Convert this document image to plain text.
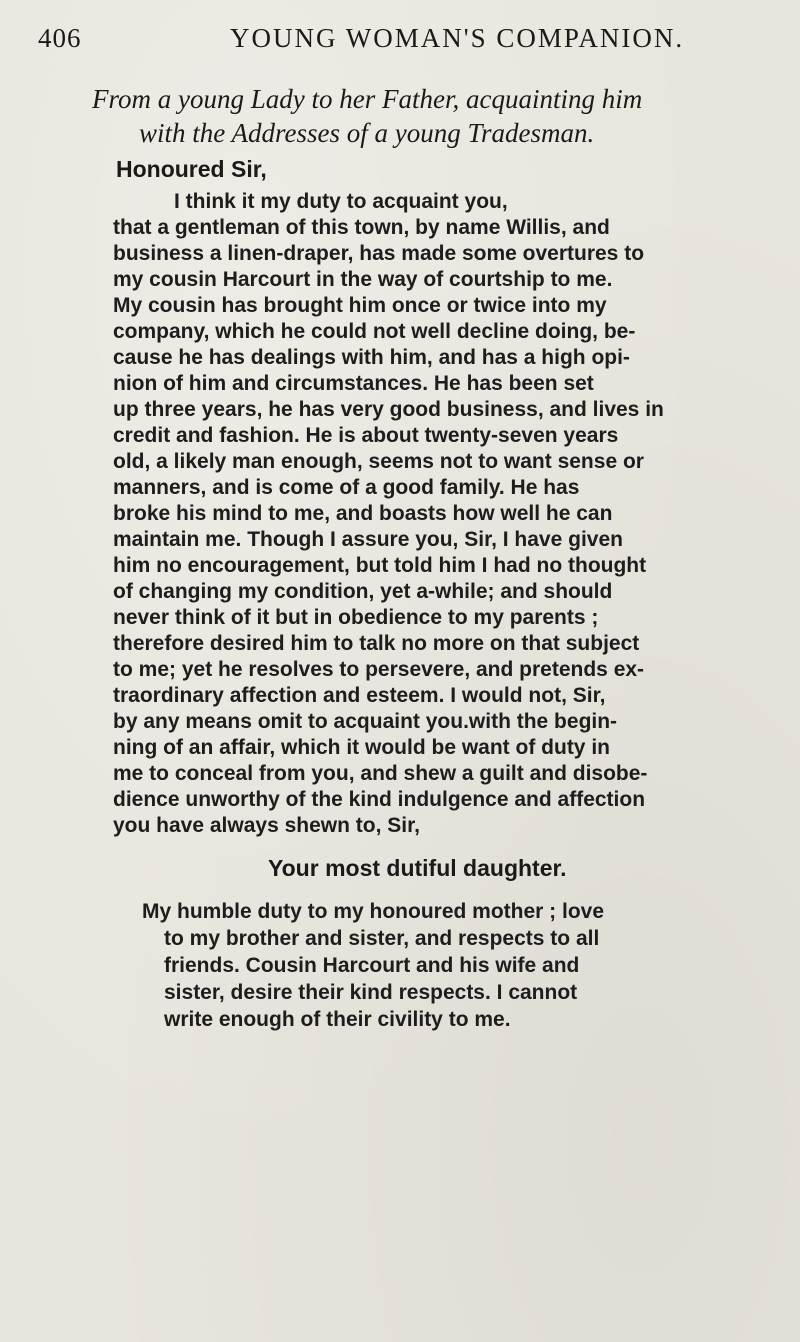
406	YOUNG WOMAN'S COMPANION.
From a young Lady to her Father, acquainting him
with the Addresses of a young Tradesman.
Honoured Sir,
I think it my duty to acquaint you,
that a gentleman of this town, by name Willis, and
business a linen-draper, has made some overtures to
my cousin Harcourt in the way of courtship to me.
My cousin has brought him once or twice into my
company, which he could not well decline doing, be-
cause he has dealings with him, and has a high opi-
nion of him and circumstances. He has been set
up three years, he has very good business, and lives in
credit and fashion. He is about twenty-seven years
old, a likely man enough, seems not to want sense or
manners, and is come of a good family. He has
broke his mind to me, and boasts how well he can
maintain me. Though I assure you, Sir, I have given
him no encouragement, but told him I had no thought
of changing my condition, yet a-while; and should
never think of it but in obedience to my parents ;
therefore desired him to talk no more on that subject
to me; yet he resolves to persevere, and pretends ex-
traordinary affection and esteem. I would not, Sir,
by any means omit to acquaint you.with the begin-
ning of an affair, which it would be want of duty in
me to conceal from you, and shew a guilt and disobe-
dience unworthy of the kind indulgence and affection
you have always shewn to, Sir,
Your most dutiful daughter.
My humble duty to my honoured mother ; love
to my brother and sister, and respects to all
friends. Cousin Harcourt and his wife and
sister, desire their kind respects. I cannot
write enough of their civility to me.
